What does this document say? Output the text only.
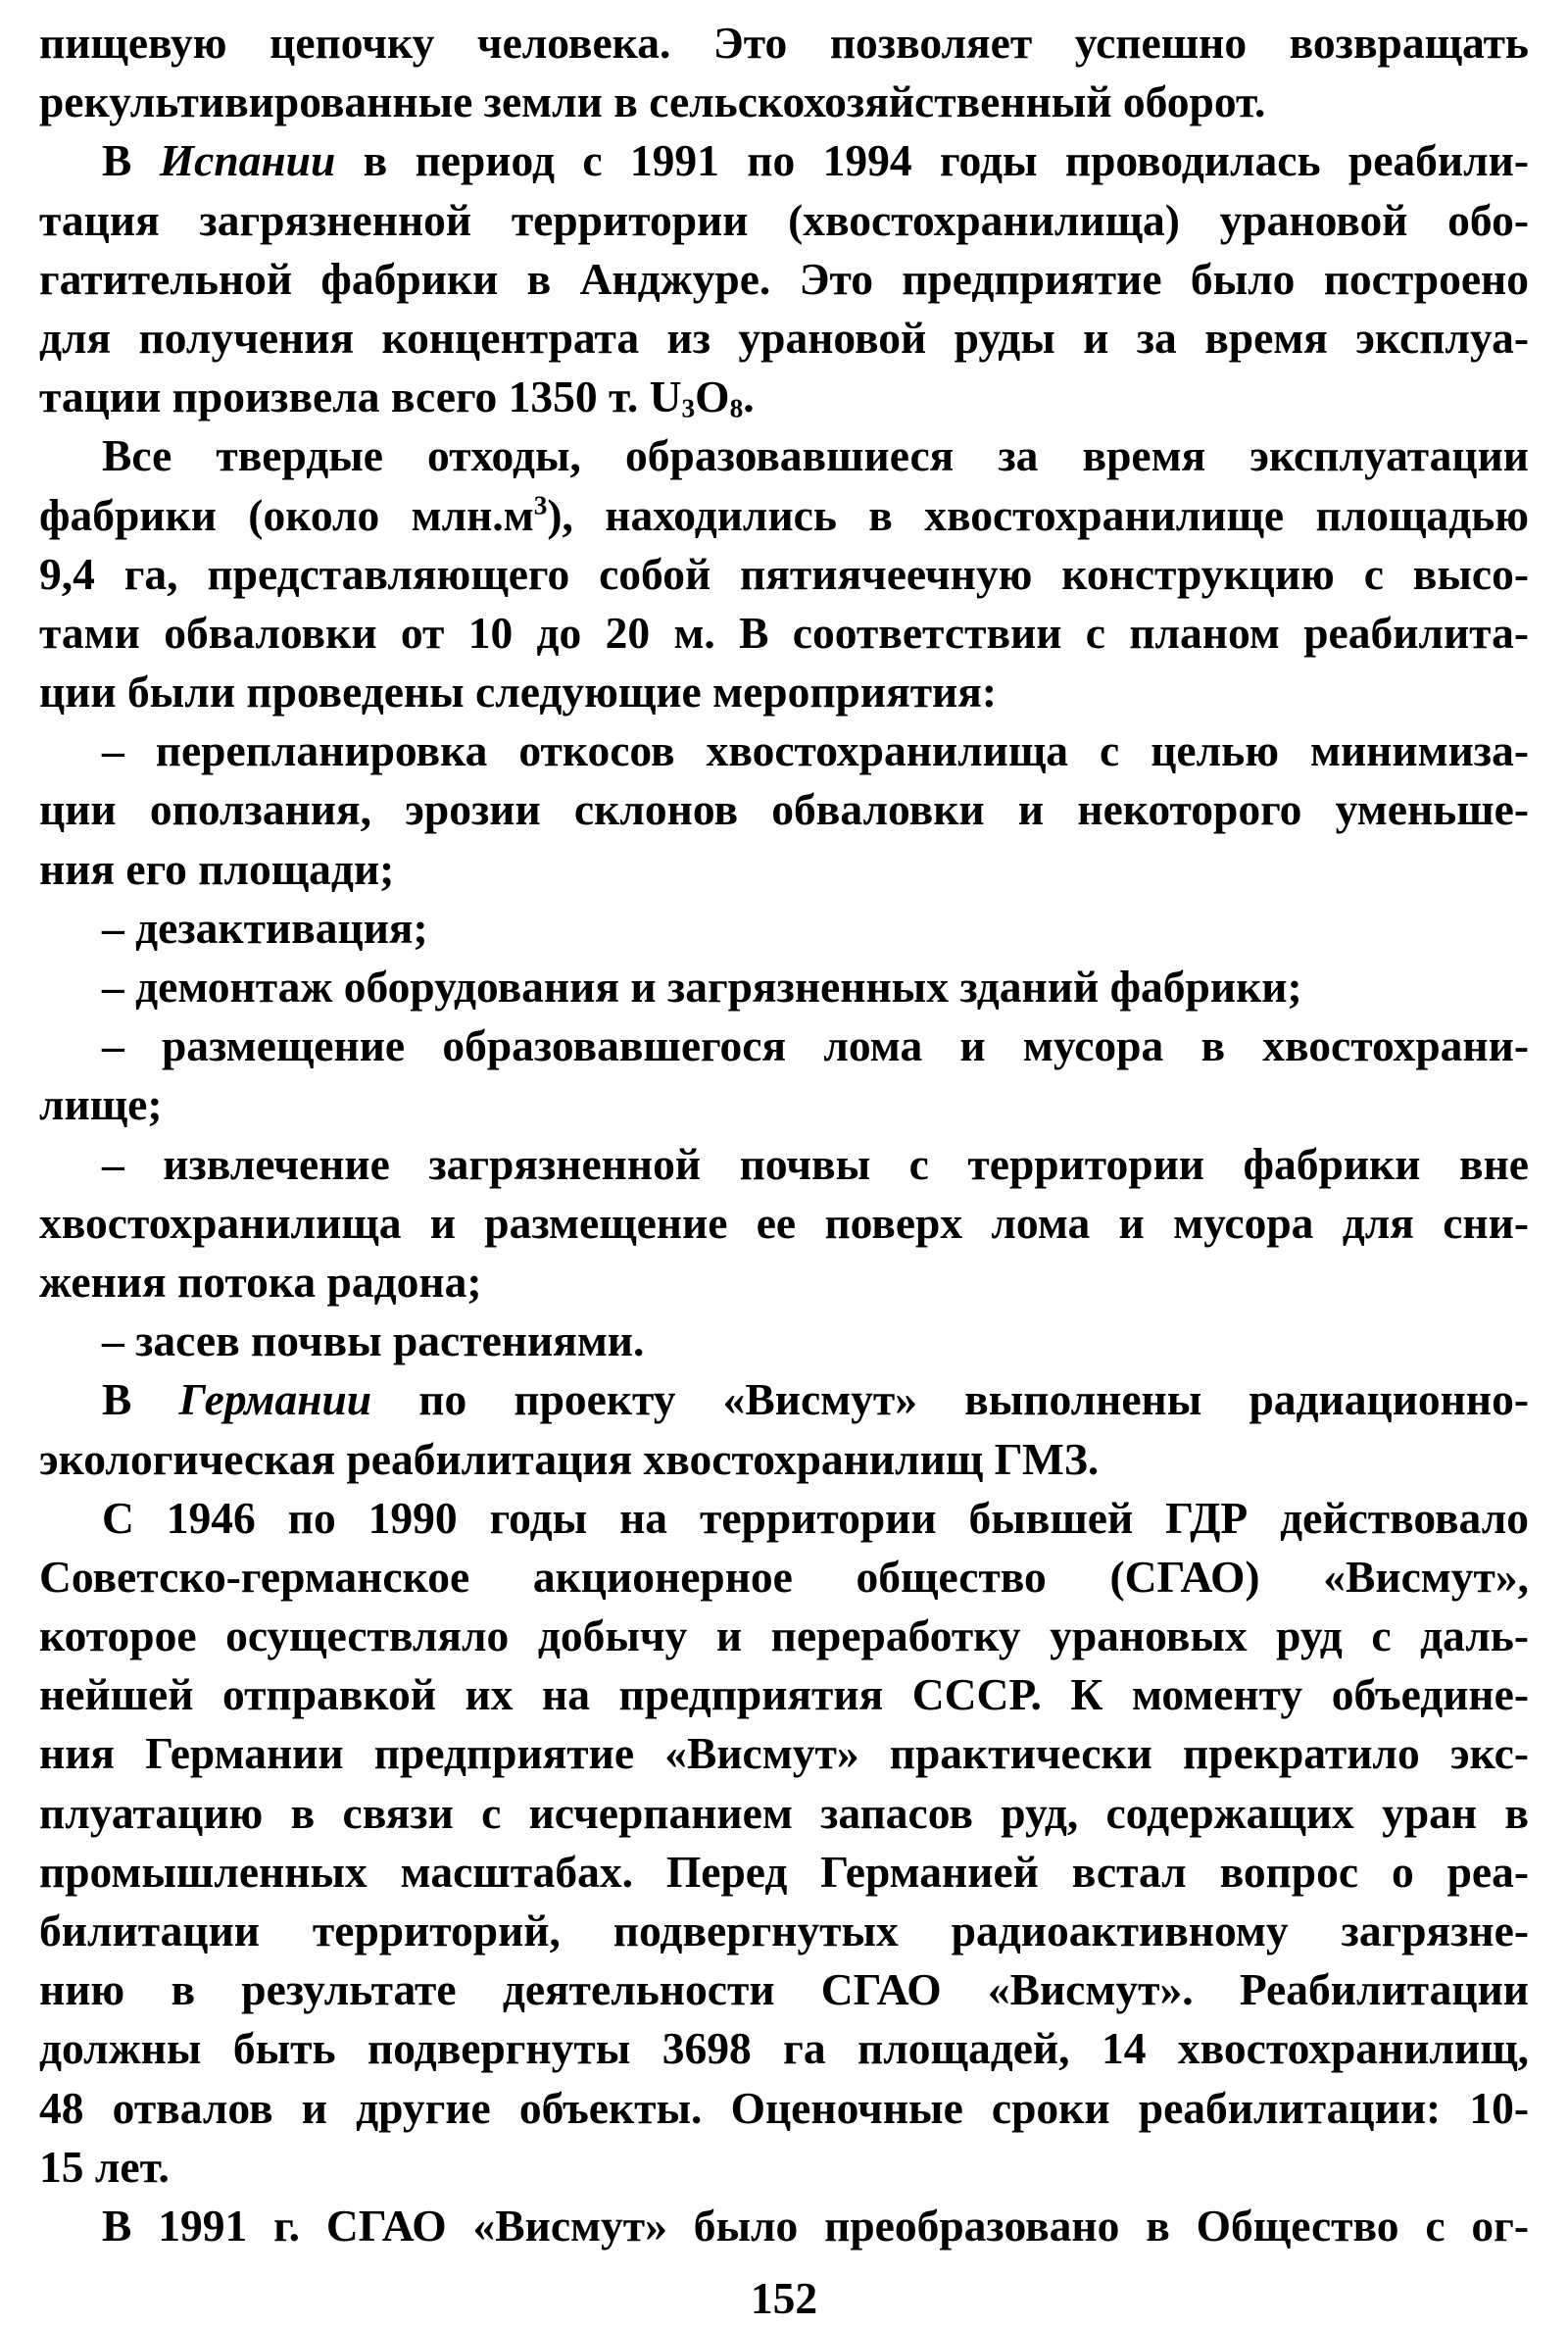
пищевую цепочку человека. Это позволяет успешно возвращать
рекультивированные земли в сельскохозяйственный оборот.
В Испании в период с 1991 по 1994 годы проводилась реабили-
тация загрязненной территории (хвостохранилища) урановой обо-
гатительной фабрики в Анджуре. Это предприятие было построено
для получения концентрата из урановой руды и за время эксплуа-
тации произвела всего 1350 т. $U_3O_8$.
Все твердые отходы, образовавшиеся за время эксплуатации
фабрики (около $млн.м^3$), находились в хвостохранилище площадью
9,4 га, представляющего собой пятиячеечную конструкцию с высо-
тами обваловки от 10 до 20 м. В соответствии с планом реабилита-
ции были проведены следующие мероприятия:
– перепланировка откосов хвостохранилища с целью минимиза-
ции оползания, эрозии склонов обваловки и некоторого уменьше-
ния его площади;
– дезактивация;
– демонтаж оборудования и загрязненных зданий фабрики;
– размещение образовавшегося лома и мусора в хвостохрани-
лище;
– извлечение загрязненной почвы с территории фабрики вне
хвостохранилища и размещение ее поверх лома и мусора для сни-
жения потока радона;
– засев почвы растениями.
В Германии по проекту «Висмут» выполнены радиационно-
экологическая реабилитация хвостохранилищ ГМЗ.
С 1946 по 1990 годы на территории бывшей ГДР действовало
Советско-германское акционерное общество (СГАО) «Висмут»,
которое осуществляло добычу и переработку урановых руд с даль-
нейшей отправкой их на предприятия СССР. К моменту объедине-
ния Германии предприятие «Висмут» практически прекратило экс-
плуатацию в связи с исчерпанием запасов руд, содержащих уран в
промышленных масштабах. Перед Германией встал вопрос о реа-
билитации территорий, подвергнутых радиоактивному загрязне-
нию в результате деятельности СГАО «Висмут». Реабилитации
должны быть подвергнуты 3698 га площадей, 14 хвостохранилищ,
48 отвалов и другие объекты. Оценочные сроки реабилитации: 10-
15 лет.
В 1991 г. СГАО «Висмут» было преобразовано в Общество с ог-
152
